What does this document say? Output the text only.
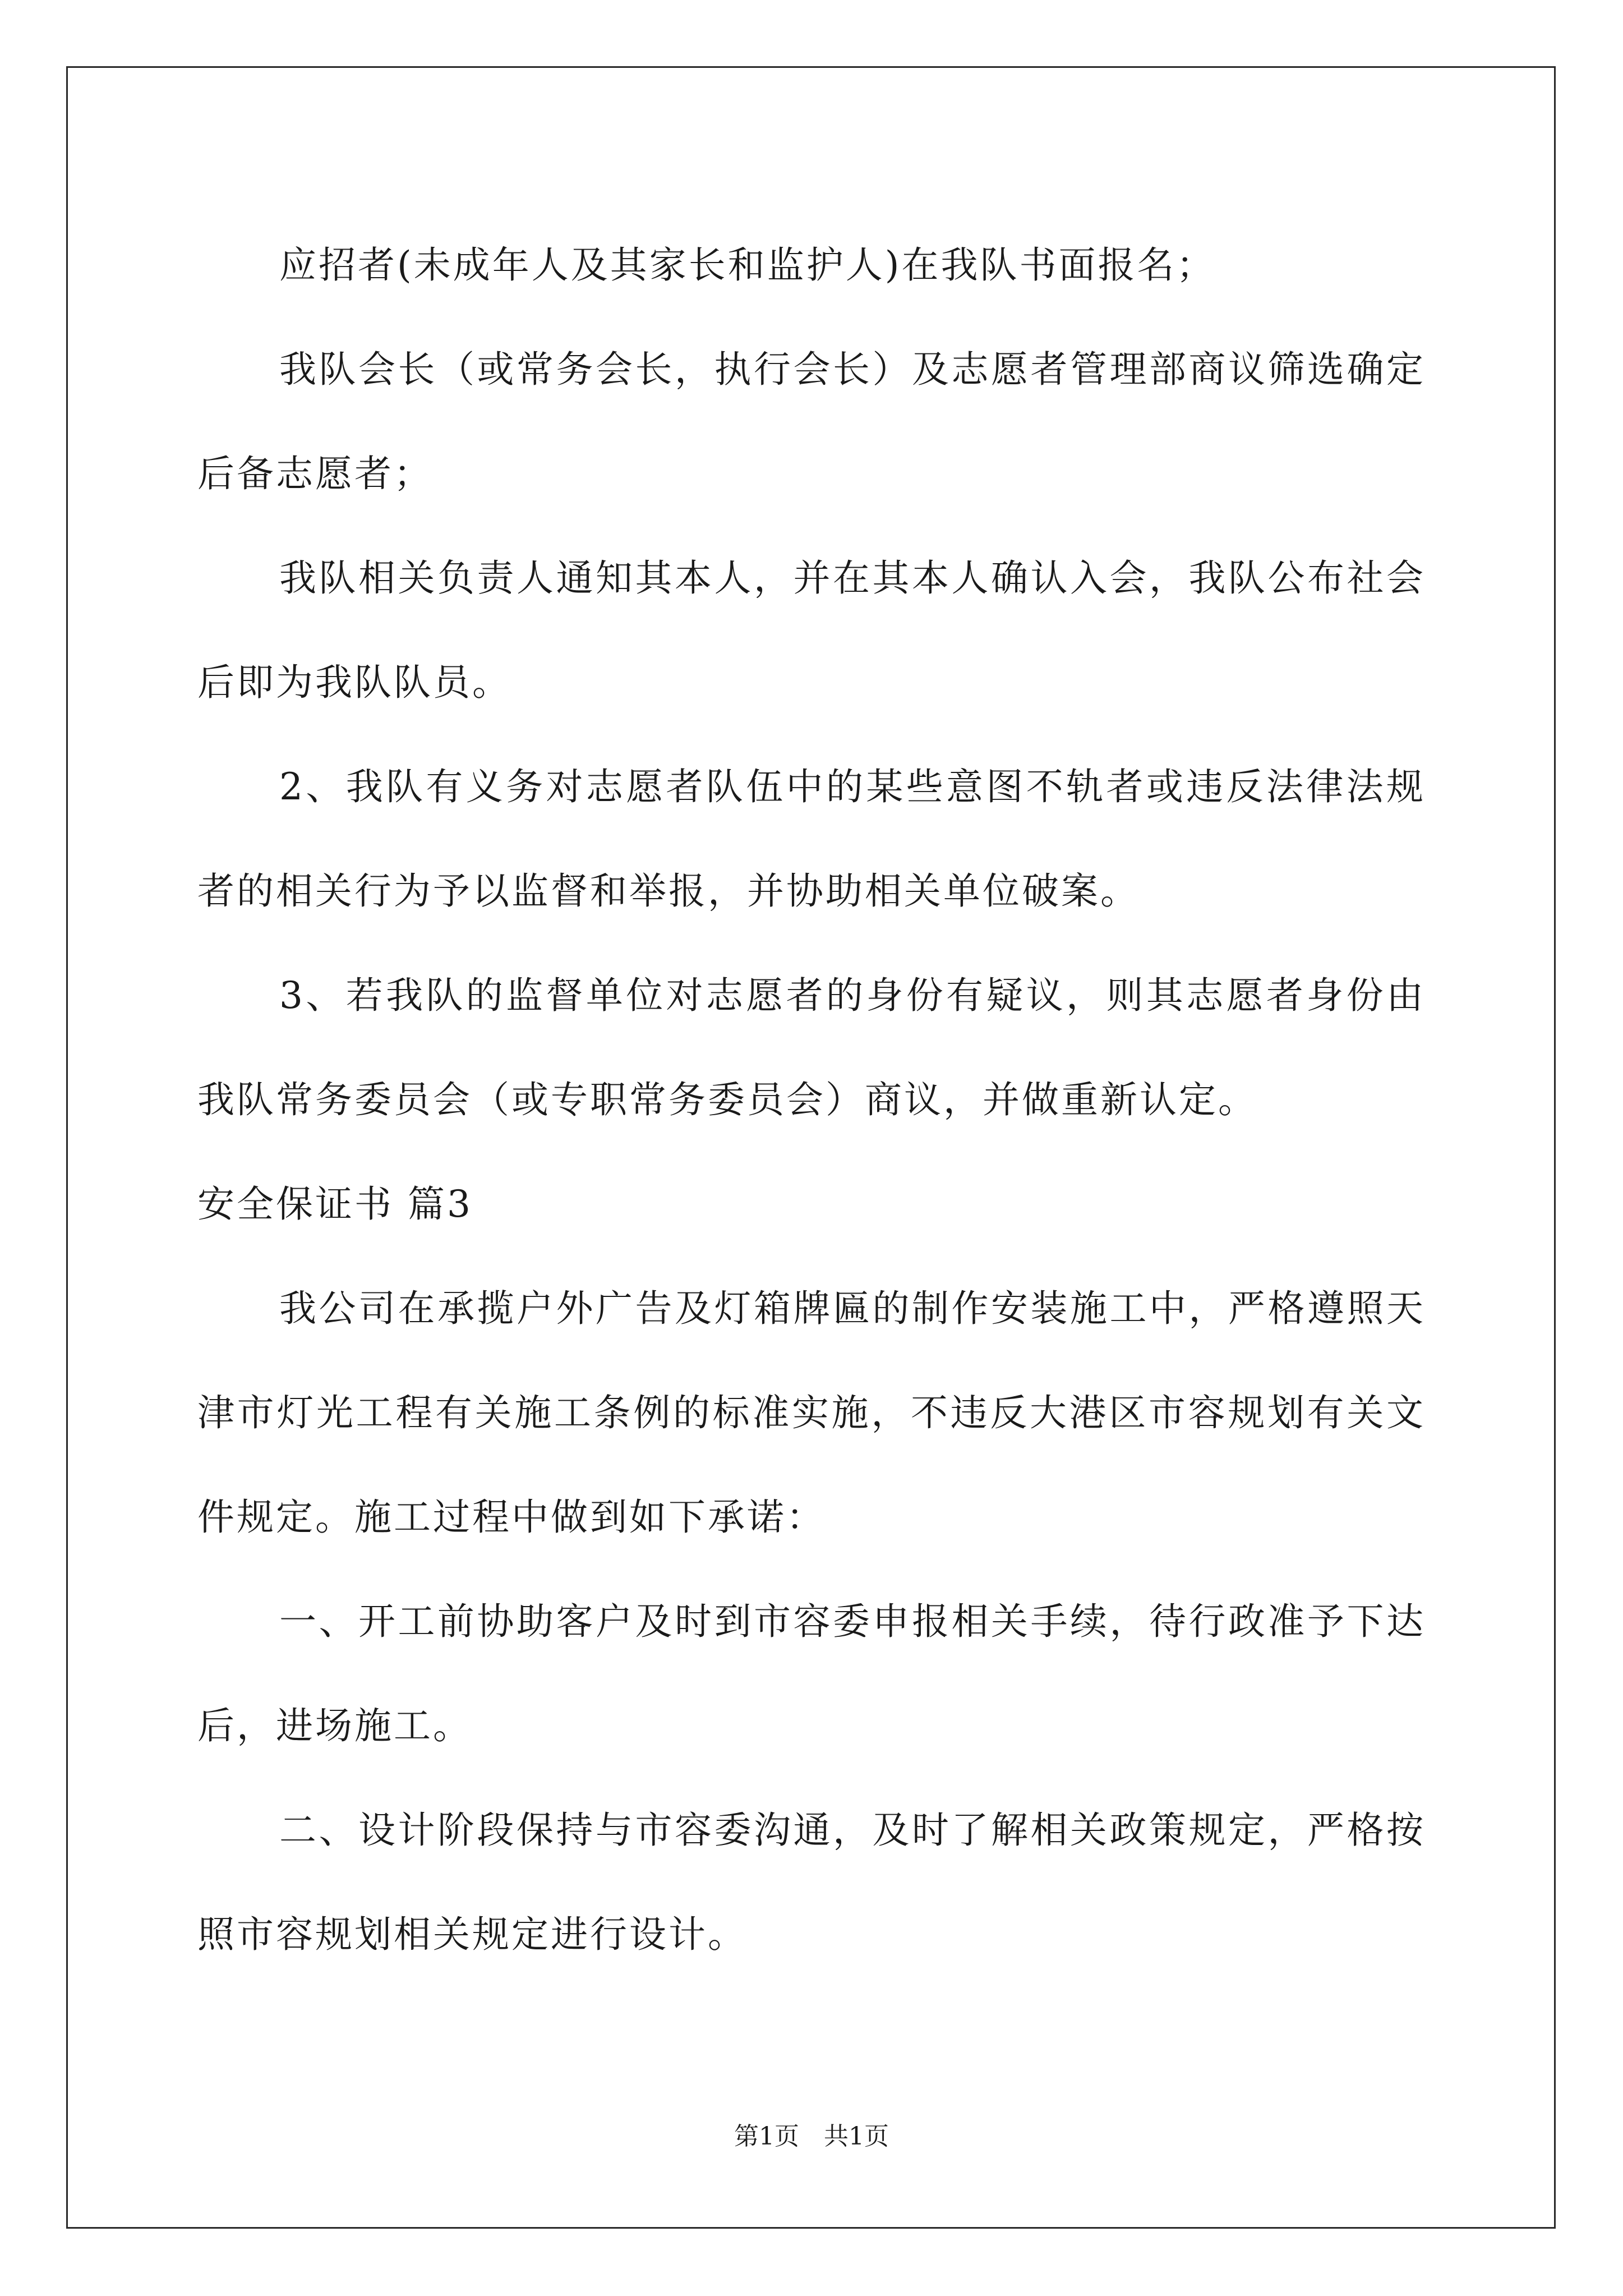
应招者(未成年人及其家长和监护人)在我队书面报名；

我队会长（或常务会长，执行会长）及志愿者管理部商议筛选确定后备志愿者；

我队相关负责人通知其本人，并在其本人确认入会，我队公布社会后即为我队队员。

2、我队有义务对志愿者队伍中的某些意图不轨者或违反法律法规者的相关行为予以监督和举报，并协助相关单位破案。

3、若我队的监督单位对志愿者的身份有疑议，则其志愿者身份由我队常务委员会（或专职常务委员会）商议，并做重新认定。

安全保证书 篇3

我公司在承揽户外广告及灯箱牌匾的制作安装施工中，严格遵照天津市灯光工程有关施工条例的标准实施，不违反大港区市容规划有关文件规定。施工过程中做到如下承诺：

一、开工前协助客户及时到市容委申报相关手续，待行政准予下达后，进场施工。

二、设计阶段保持与市容委沟通，及时了解相关政策规定，严格按照市容规划相关规定进行设计。

第1页　共1页
